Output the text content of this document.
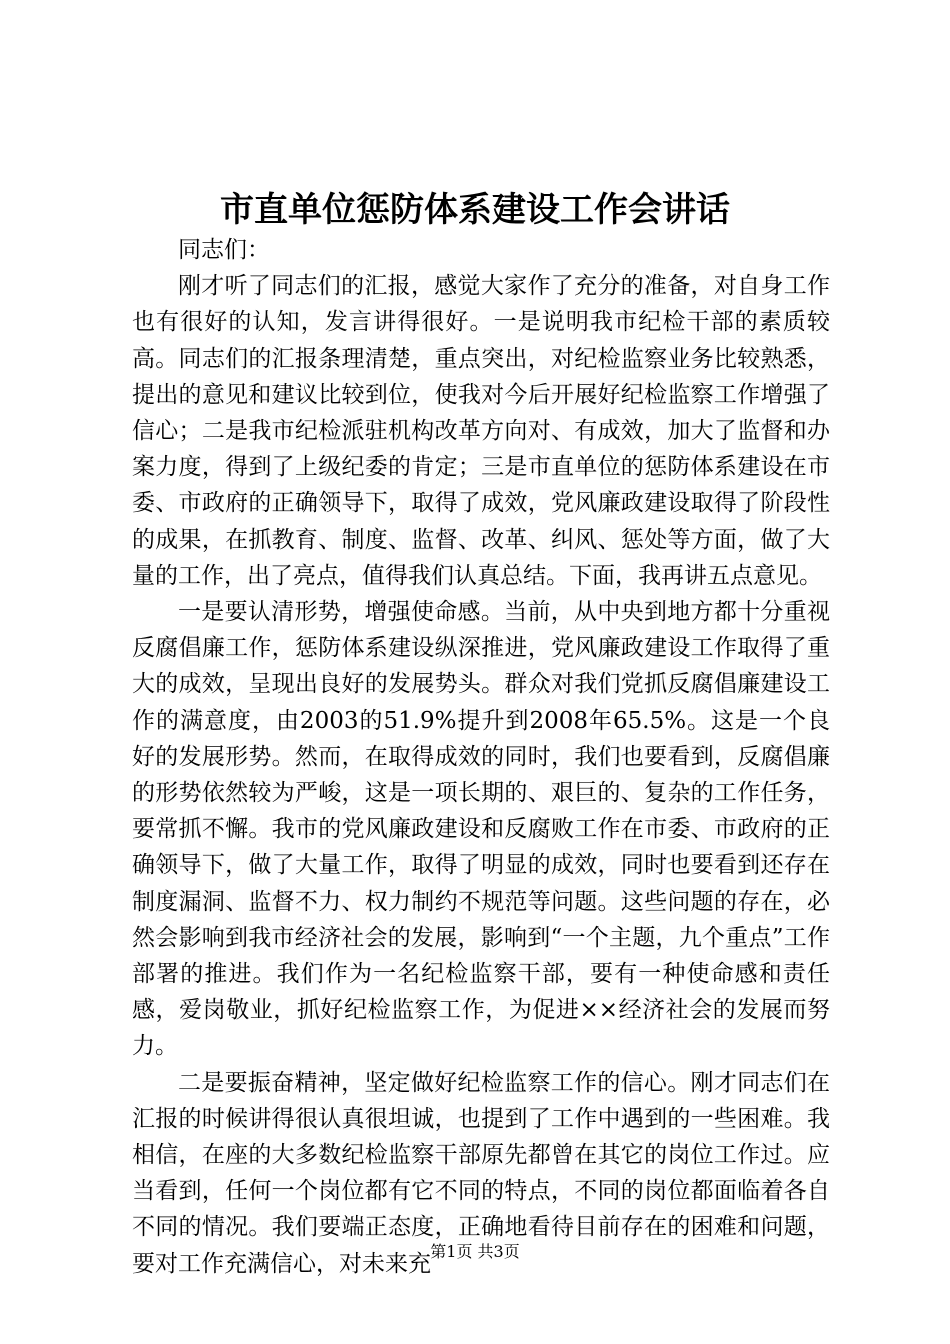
市直单位惩防体系建设工作会讲话

同志们：

刚才听了同志们的汇报，感觉大家作了充分的准备，对自身工作也有很好的认知，发言讲得很好。一是说明我市纪检干部的素质较高。同志们的汇报条理清楚，重点突出，对纪检监察业务比较熟悉，提出的意见和建议比较到位，使我对今后开展好纪检监察工作增强了信心；二是我市纪检派驻机构改革方向对、有成效，加大了监督和办案力度，得到了上级纪委的肯定；三是市直单位的惩防体系建设在市委、市政府的正确领导下，取得了成效，党风廉政建设取得了阶段性的成果，在抓教育、制度、监督、改革、纠风、惩处等方面，做了大量的工作，出了亮点，值得我们认真总结。下面，我再讲五点意见。

一是要认清形势，增强使命感。当前，从中央到地方都十分重视反腐倡廉工作，惩防体系建设纵深推进，党风廉政建设工作取得了重大的成效，呈现出良好的发展势头。群众对我们党抓反腐倡廉建设工作的满意度，由2003的51.9%提升到2008年65.5%。这是一个良好的发展形势。然而，在取得成效的同时，我们也要看到，反腐倡廉的形势依然较为严峻，这是一项长期的、艰巨的、复杂的工作任务，要常抓不懈。我市的党风廉政建设和反腐败工作在市委、市政府的正确领导下，做了大量工作，取得了明显的成效，同时也要看到还存在制度漏洞、监督不力、权力制约不规范等问题。这些问题的存在，必然会影响到我市经济社会的发展，影响到“一个主题，九个重点”工作部署的推进。我们作为一名纪检监察干部，要有一种使命感和责任感，爱岗敬业，抓好纪检监察工作，为促进××经济社会的发展而努力。

二是要振奋精神，坚定做好纪检监察工作的信心。刚才同志们在汇报的时候讲得很认真很坦诚，也提到了工作中遇到的一些困难。我相信，在座的大多数纪检监察干部原先都曾在其它的岗位工作过。应当看到，任何一个岗位都有它不同的特点，不同的岗位都面临着各自不同的情况。我们要端正态度，正确地看待目前存在的困难和问题，要对工作充满信心，对未来充 第1页 共3页
